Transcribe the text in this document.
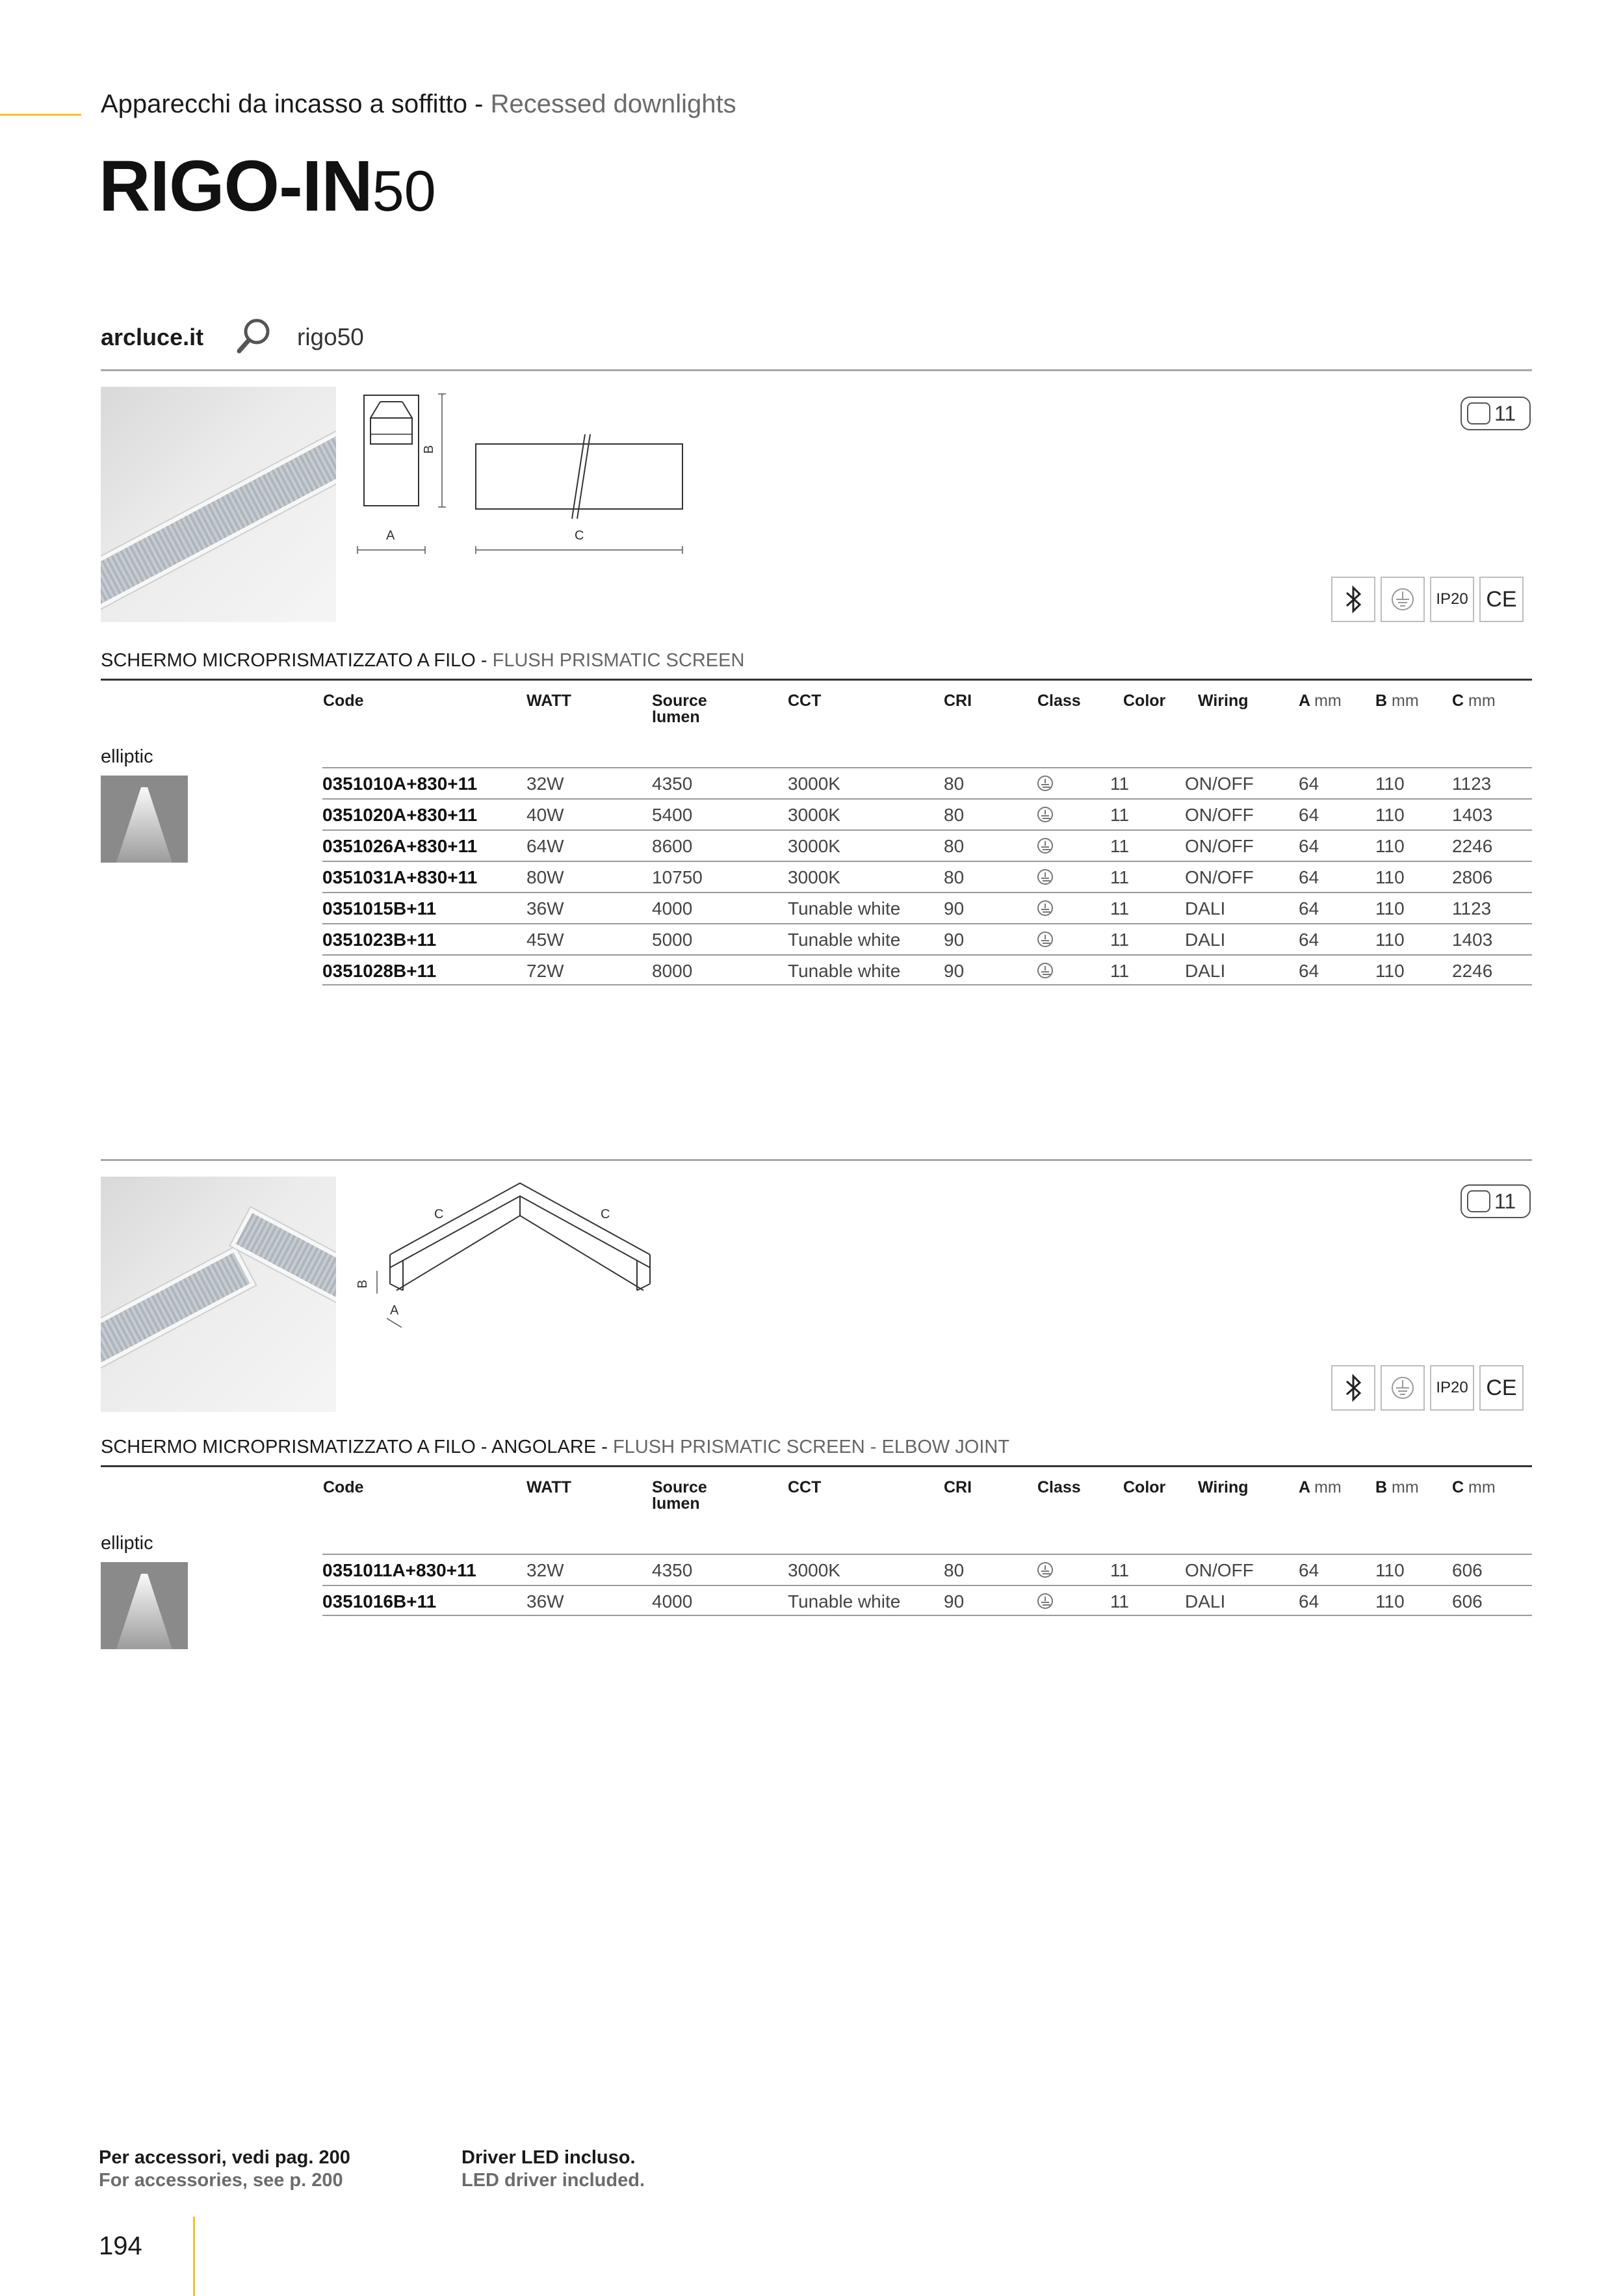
Apparecchi da incasso a soffitto - Recessed downlights
RIGO-IN50
arcluce.it	rigo50
B
A	C
11
IP20 CE
SCHERMO MICROPRISMATIZZATO A FILO - FLUSH PRISMATIC SCREEN
Code	WATT	Source
lumen
CCT	CRI	Class	Color Wiring	A mm B mm C mm
elliptic
0351010A+830+11	32W	4350	3000K	80	11	ON/OFF 64	110	1123
0351020A+830+11	40W	5400	3000K	80	11	ON/OFF 64	110	1403
0351026A+830+11	64W	8600	3000K	80	11	ON/OFF 64	110	2246
0351031A+830+11	80W	10750	3000K	80	11	ON/OFF 64	110	2806
0351015B+11	36W	4000	Tunable white 90	11	DALI	64	110	1123
0351023B+11	45W	5000	Tunable white 90	11	DALI	64	110	1403
0351028B+11	72W	8000	Tunable white 90	11	DALI	64	110	2246
B
A
C	C
11
IP20 CE
SCHERMO MICROPRISMATIZZATO A FILO - ANGOLARE - FLUSH PRISMATIC SCREEN - ELBOW JOINT
Code	WATT	Source
lumen
CCT	CRI	Class	Color Wiring	A mm B mm C mm
elliptic
0351011A+830+11	32W	4350	3000K	80	11	ON/OFF 64	110	606
0351016B+11	36W	4000	Tunable white 90	11	DALI	64	110	606
Per accessori, vedi pag. 200
For accessories, see p. 200
Driver LED incluso.
LED driver included.
194
